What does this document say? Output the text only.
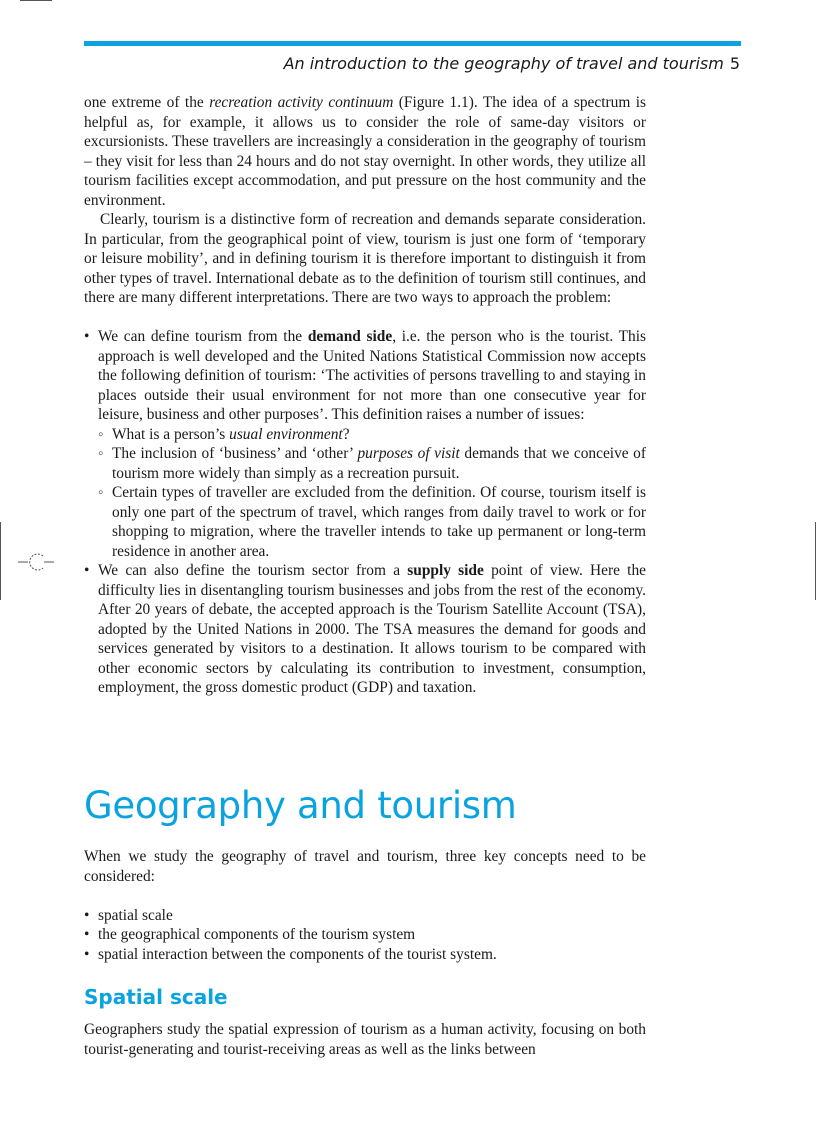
An introduction to the geography of travel and tourism 5

one extreme of the recreation activity continuum (Figure 1.1). The idea of a spectrum is helpful as, for example, it allows us to consider the role of same-day visitors or excursionists. These travellers are increasingly a consideration in the geography of tourism – they visit for less than 24 hours and do not stay overnight. In other words, they utilize all tourism facilities except accommodation, and put pressure on the host community and the environment.

Clearly, tourism is a distinctive form of recreation and demands separate consideration. In particular, from the geographical point of view, tourism is just one form of ‘temporary or leisure mobility’, and in defining tourism it is therefore important to distinguish it from other types of travel. International debate as to the definition of tourism still continues, and there are many different interpretations. There are two ways to approach the problem:

• We can define tourism from the demand side, i.e. the person who is the tourist. This approach is well developed and the United Nations Statistical Commission now accepts the following definition of tourism: ‘The activities of persons travelling to and staying in places outside their usual environment for not more than one consecutive year for leisure, business and other purposes’. This definition raises a number of issues:
◦ What is a person’s usual environment?
◦ The inclusion of ‘business’ and ‘other’ purposes of visit demands that we conceive of tourism more widely than simply as a recreation pursuit.
◦ Certain types of traveller are excluded from the definition. Of course, tourism itself is only one part of the spectrum of travel, which ranges from daily travel to work or for shopping to migration, where the traveller intends to take up permanent or long-term residence in another area.
• We can also define the tourism sector from a supply side point of view. Here the difficulty lies in disentangling tourism businesses and jobs from the rest of the economy. After 20 years of debate, the accepted approach is the Tourism Satellite Account (TSA), adopted by the United Nations in 2000. The TSA measures the demand for goods and services generated by visitors to a destination. It allows tourism to be compared with other economic sectors by calculating its contribution to investment, consumption, employment, the gross domestic product (GDP) and taxation.
Geography and tourism

When we study the geography of travel and tourism, three key concepts need to be considered:

• spatial scale
• the geographical components of the tourism system
• spatial interaction between the components of the tourist system.
Spatial scale

Geographers study the spatial expression of tourism as a human activity, focusing on both tourist-generating and tourist-receiving areas as well as the links between
